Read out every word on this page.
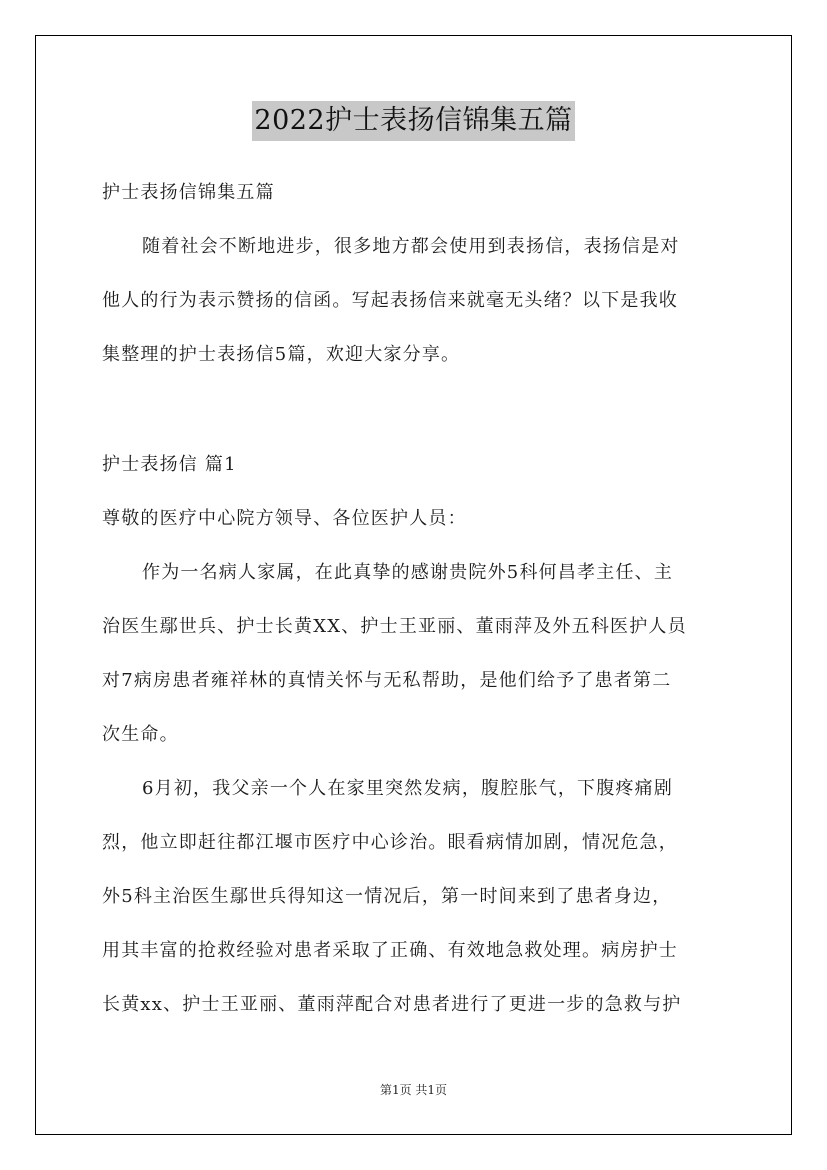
2022护士表扬信锦集五篇
护士表扬信锦集五篇
随着社会不断地进步，很多地方都会使用到表扬信，表扬信是对
他人的行为表示赞扬的信函。写起表扬信来就毫无头绪？以下是我收
集整理的护士表扬信5篇，欢迎大家分享。
护士表扬信 篇1
尊敬的医疗中心院方领导、各位医护人员：
作为一名病人家属，在此真挚的感谢贵院外5科何昌孝主任、主
治医生鄢世兵、护士长黄XX、护士王亚丽、董雨萍及外五科医护人员
对7病房患者雍祥林的真情关怀与无私帮助，是他们给予了患者第二
次生命。
6月初，我父亲一个人在家里突然发病，腹腔胀气，下腹疼痛剧
烈，他立即赶往都江堰市医疗中心诊治。眼看病情加剧，情况危急，
外5科主治医生鄢世兵得知这一情况后，第一时间来到了患者身边，
用其丰富的抢救经验对患者采取了正确、有效地急救处理。病房护士
长黄xx、护士王亚丽、董雨萍配合对患者进行了更进一步的急救与护
第1页 共1页
